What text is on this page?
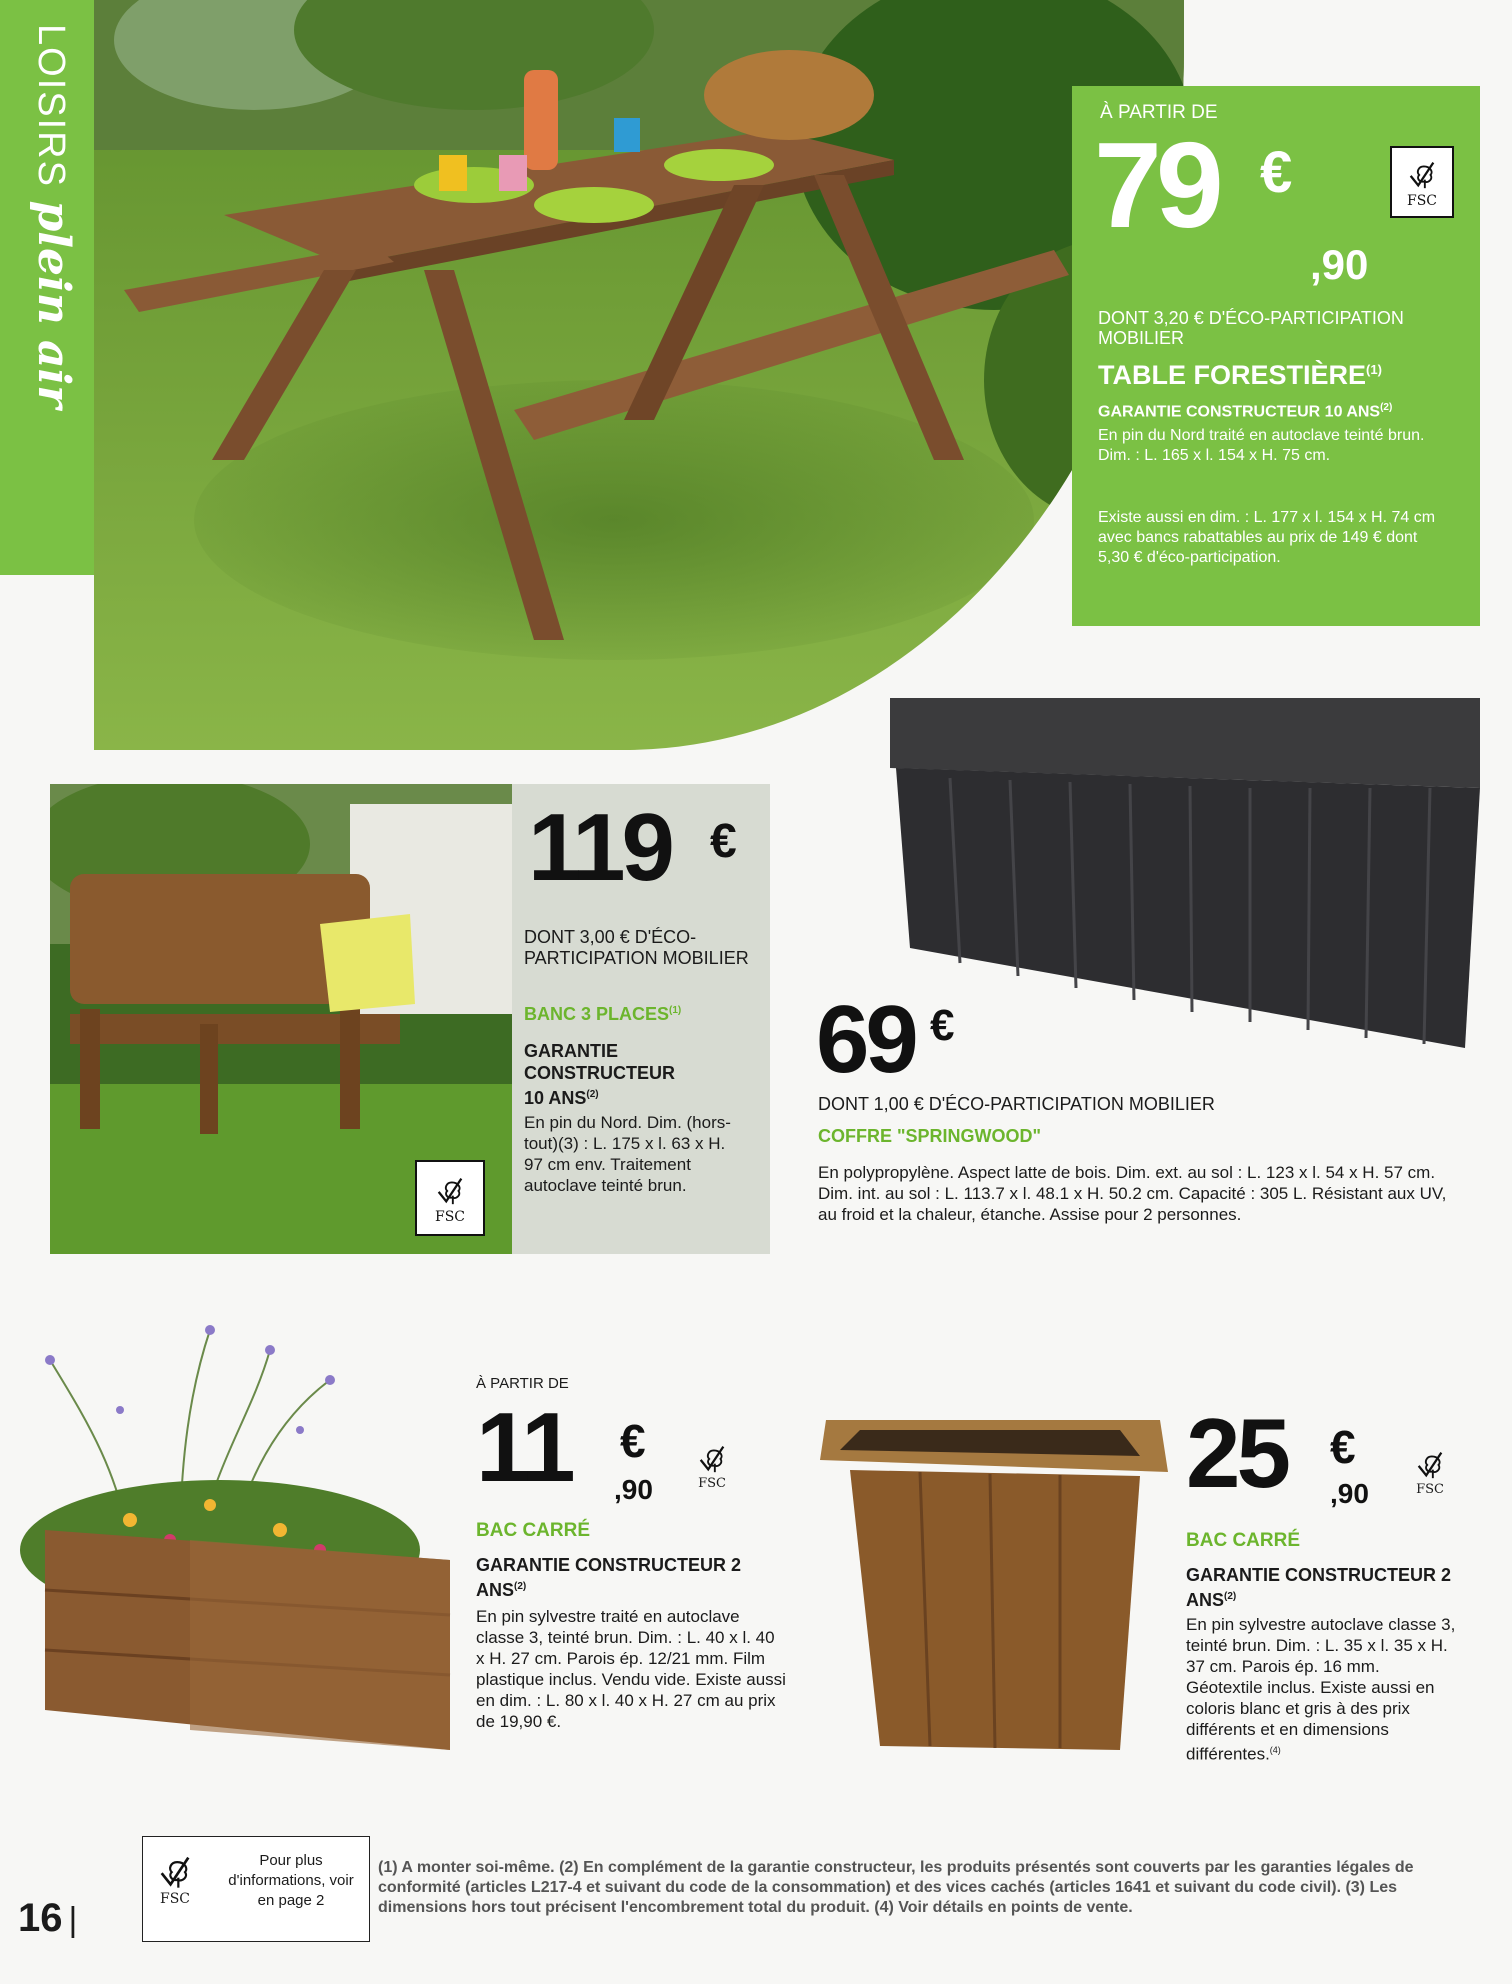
LOISIRS plein air
À PARTIR DE
79 €
,90
FSC
DONT 3,20 € D'ÉCO-PARTICIPATION MOBILIER
TABLE FORESTIÈRE$^{(1)}$
GARANTIE CONSTRUCTEUR 10 ANS$^{(2)}$
En pin du Nord traité en autoclave teinté brun. Dim. : L. 165 x l. 154 x H. 75 cm.
Existe aussi en dim. : L. 177 x l. 154 x H. 74 cm avec bancs rabattables au prix de 149 € dont 5,30 € d'éco-participation.
119 €
DONT 3,00 € D'ÉCO-PARTICIPATION MOBILIER
BANC 3 PLACES$^{(1)}$
GARANTIE
CONSTRUCTEUR
10 ANS$^{(2)}$
En pin du Nord. Dim. (hors-tout)(3) : L. 175 x l. 63 x H. 97 cm env. Traitement autoclave teinté brun.
FSC
69 €
DONT 1,00 € D'ÉCO-PARTICIPATION MOBILIER
COFFRE "SPRINGWOOD"
En polypropylène. Aspect latte de bois. Dim. ext. au sol : L. 123 x l. 54 x H. 57 cm. Dim. int. au sol : L. 113.7 x l. 48.1 x H. 50.2 cm. Capacité : 305 L. Résistant aux UV, au froid et la chaleur, étanche. Assise pour 2 personnes.
À PARTIR DE
11 €
,90	FSC
BAC CARRÉ
GARANTIE CONSTRUCTEUR 2 ANS$^{(2)}$
En pin sylvestre traité en autoclave classe 3, teinté brun. Dim. : L. 40 x l. 40 x H. 27 cm. Parois ép. 12/21 mm. Film plastique inclus. Vendu vide. Existe aussi en dim. : L. 80 x l. 40 x H. 27 cm au prix de 19,90 €.
25 €
,90	FSC
BAC CARRÉ
GARANTIE CONSTRUCTEUR 2 ANS$^{(2)}$
En pin sylvestre autoclave classe 3, teinté brun. Dim. : L. 35 x l. 35 x H. 37 cm. Parois ép. 16 mm. Géotextile inclus. Existe aussi en coloris blanc et gris à des prix différents et en dimensions différentes.$^{(4)}$
FSC
Pour plus d'informations, voir en page 2
16 |
(1) A monter soi-même. (2) En complément de la garantie constructeur, les produits présentés sont couverts par les garanties légales de conformité (articles L217-4 et suivant du code de la consommation) et des vices cachés (articles 1641 et suivant du code civil). (3) Les dimensions hors tout précisent l'encombrement total du produit. (4) Voir détails en points de vente.
